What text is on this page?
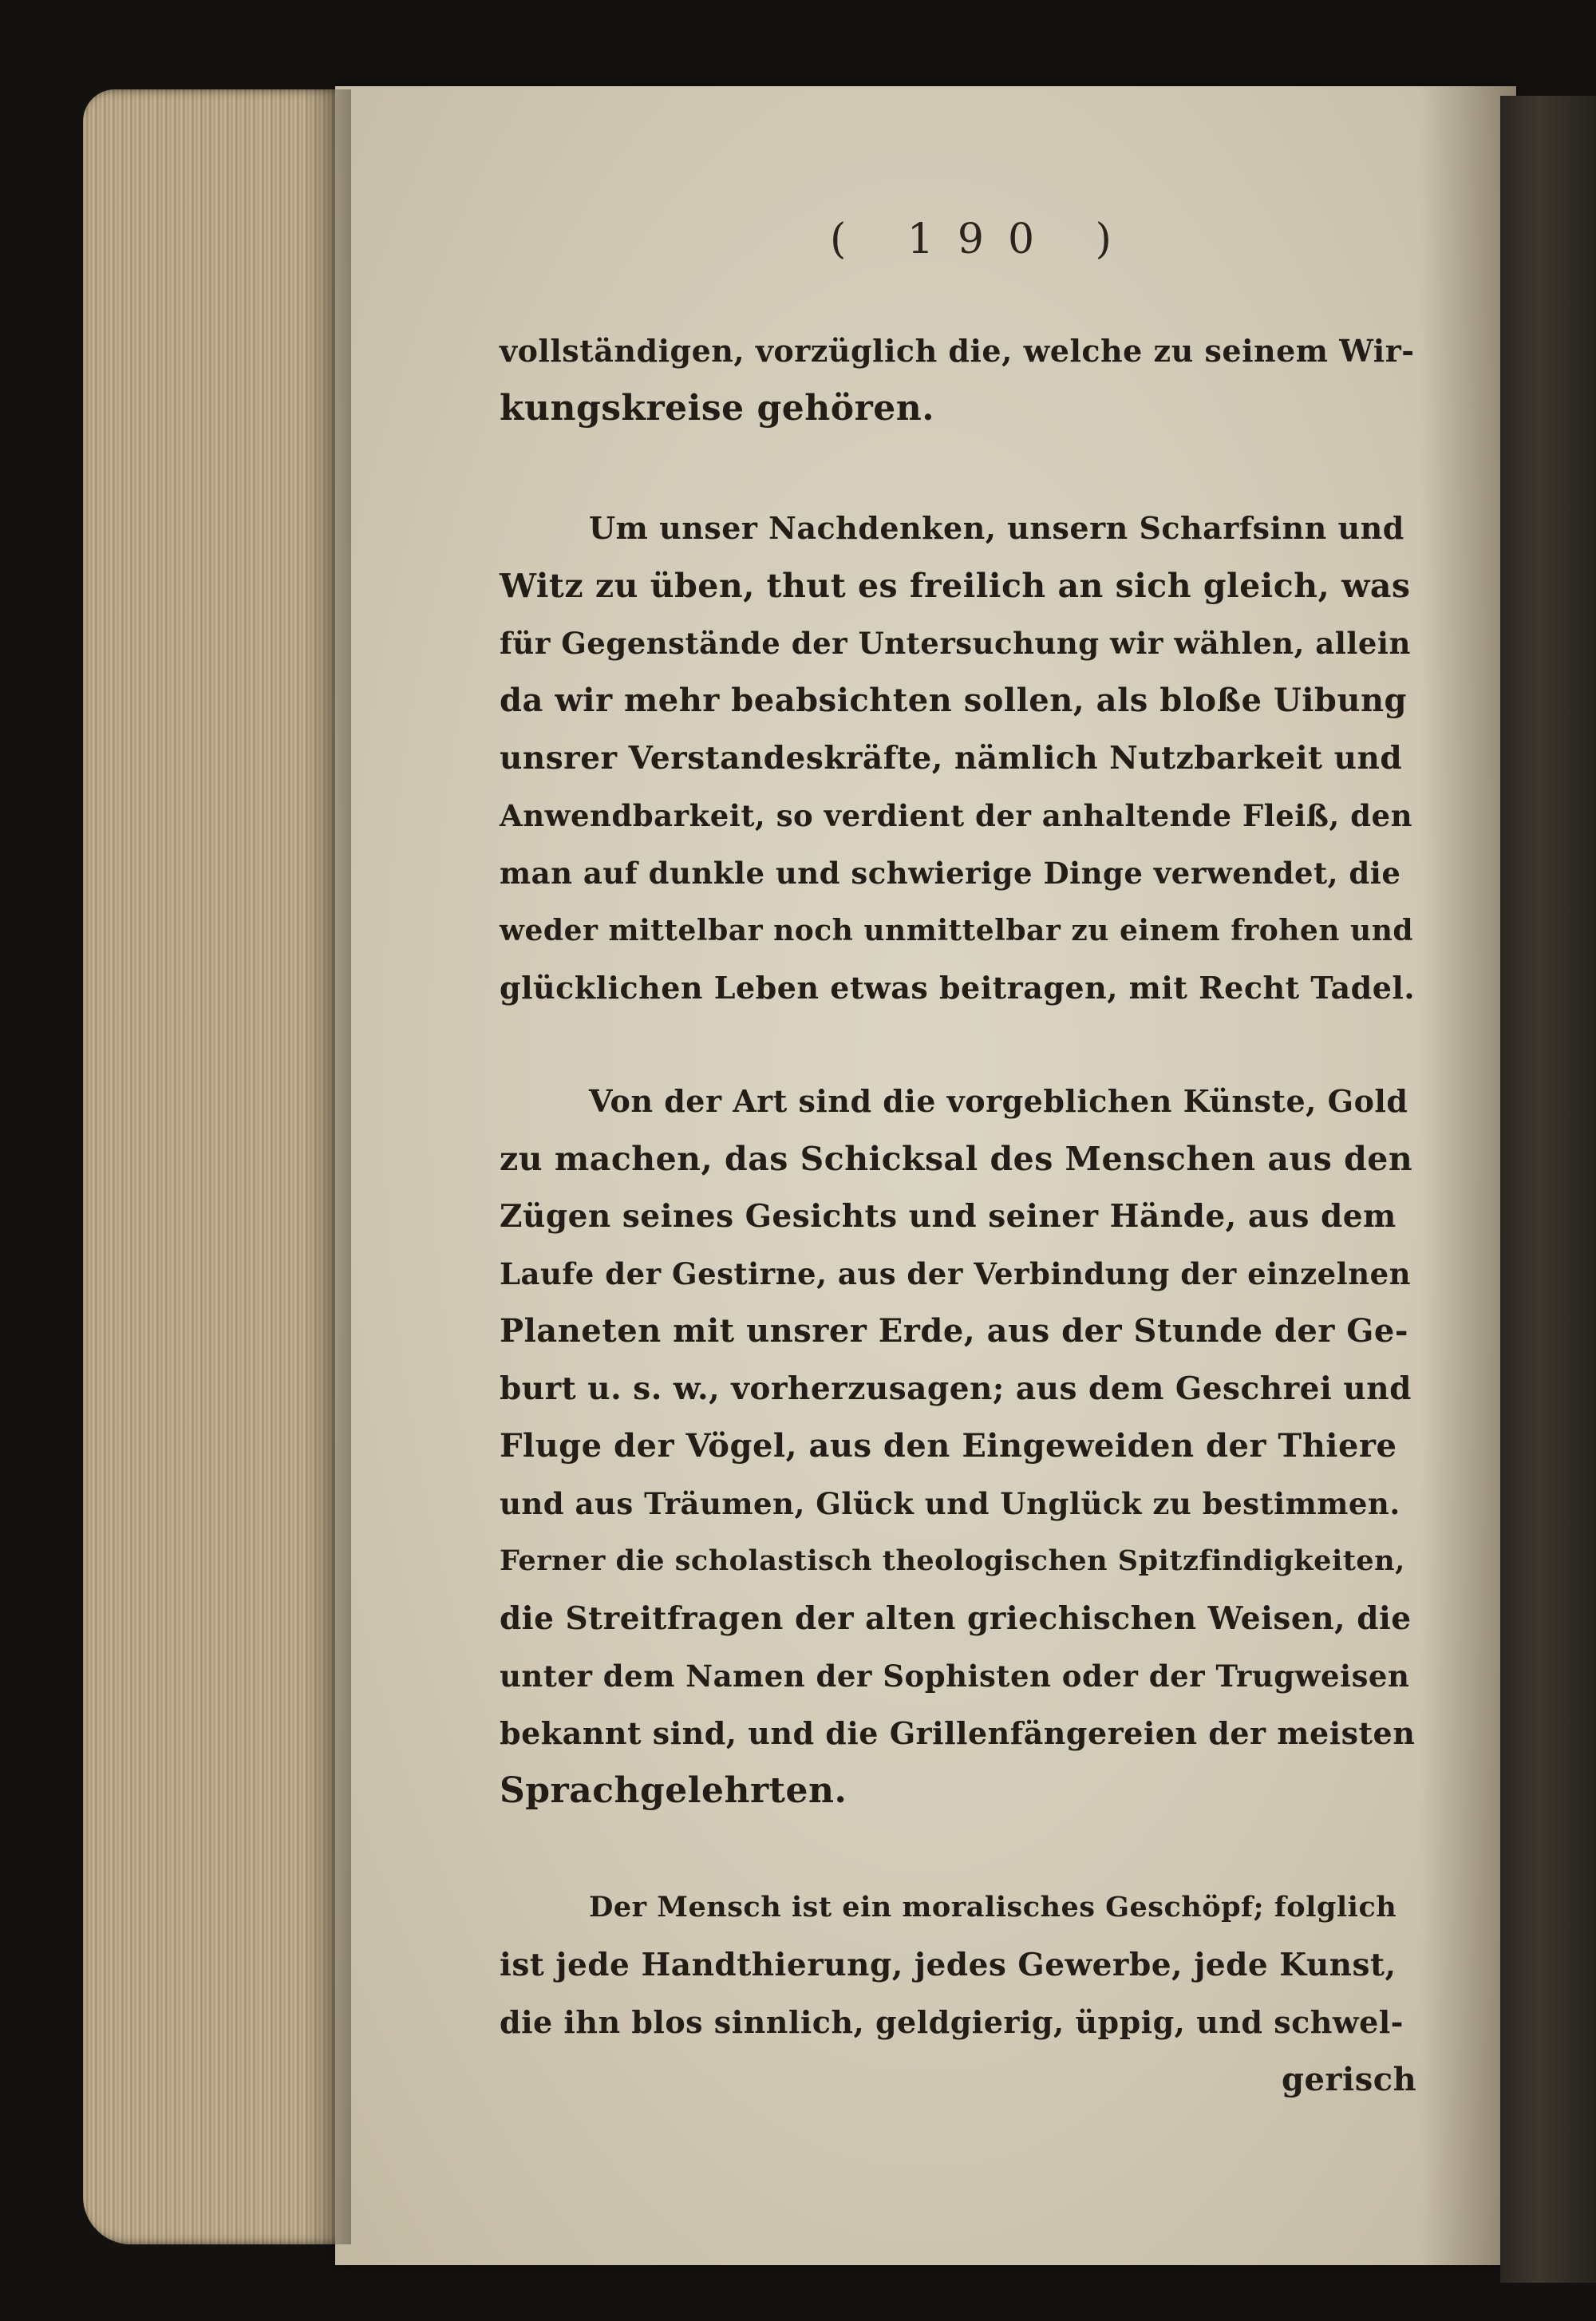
( 190 )
vollständigen, vorzüglich die, welche zu seinem Wir-
kungskreise gehören.
Um unser Nachdenken, unsern Scharfsinn und
Witz zu üben, thut es freilich an sich gleich, was
für Gegenstände der Untersuchung wir wählen, allein
da wir mehr beabsichten sollen, als bloße Uibung
unsrer Verstandeskräfte, nämlich Nutzbarkeit und
Anwendbarkeit, so verdient der anhaltende Fleiß, den
man auf dunkle und schwierige Dinge verwendet, die
weder mittelbar noch unmittelbar zu einem frohen und
glücklichen Leben etwas beitragen, mit Recht Tadel.
Von der Art sind die vorgeblichen Künste, Gold
zu machen, das Schicksal des Menschen aus den
Zügen seines Gesichts und seiner Hände, aus dem
Laufe der Gestirne, aus der Verbindung der einzelnen
Planeten mit unsrer Erde, aus der Stunde der Ge-
burt u. s. w., vorherzusagen; aus dem Geschrei und
Fluge der Vögel, aus den Eingeweiden der Thiere
und aus Träumen, Glück und Unglück zu bestimmen.
Ferner die scholastisch theologischen Spitzfindigkeiten,
die Streitfragen der alten griechischen Weisen, die
unter dem Namen der Sophisten oder der Trugweisen
bekannt sind, und die Grillenfängereien der meisten
Sprachgelehrten.
Der Mensch ist ein moralisches Geschöpf; folglich
ist jede Handthierung, jedes Gewerbe, jede Kunst,
die ihn blos sinnlich, geldgierig, üppig, und schwel-
gerisch
